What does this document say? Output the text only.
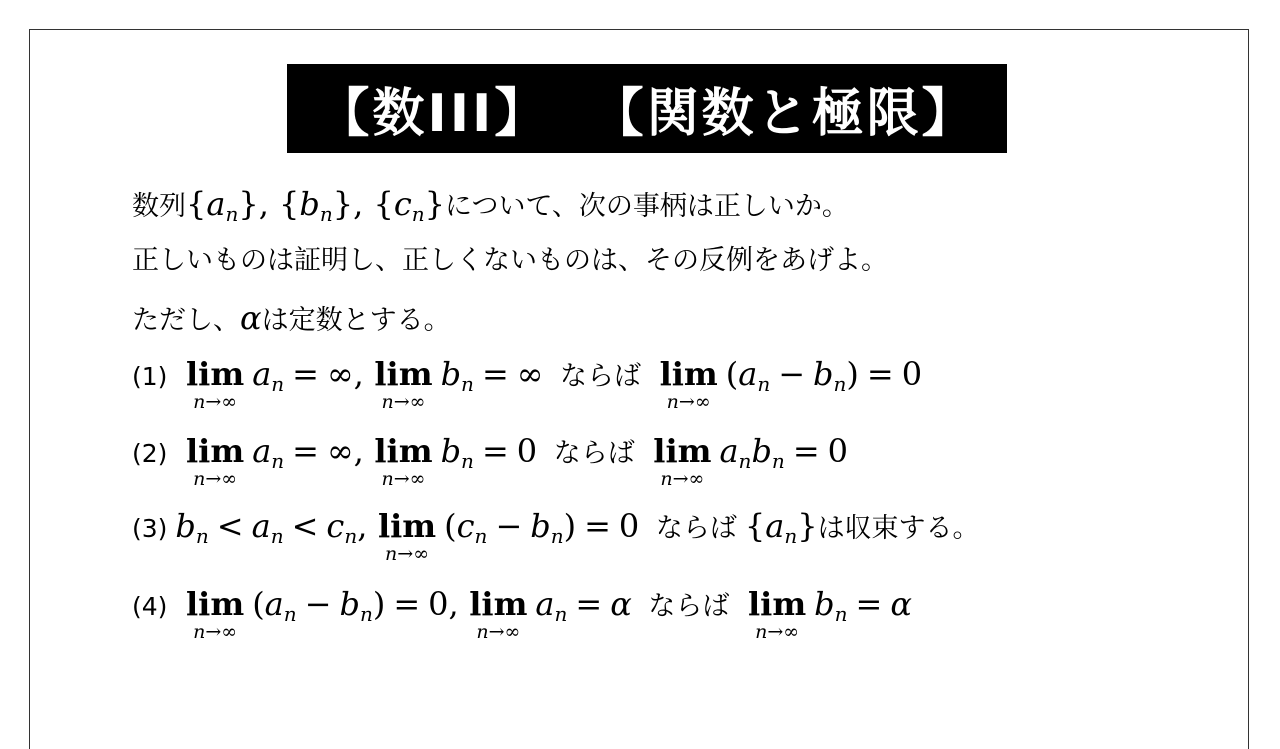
【数III】
【関数と極限】
数列$\{a_n\}$, $\{b_n\}$, $\{c_n\}$について、次の事柄は正しいか。
正しいものは証明し、正しくないものは、その反例をあげよ。
ただし、αは定数とする。
(1) lim
n→∞
$a_n$ = ∞, lim
n→∞
$b_n$ = ∞ ならば lim
n→∞
$(a_n - b_n) = 0$
(2) lim
n→∞
$a_n$ = ∞, lim
n→∞
$b_n = 0$ ならば lim
n→∞
$a_nb_n = 0$
(3) $b_n < a_n < c_n$, lim
n→∞
$(c_n - b_n) = 0$ ならば $\{a_n\}$は収束する。
(4) lim
n→∞
$(a_n - b_n) = 0$, lim
n→∞
$a_n = \alpha$ ならば lim
n→∞
$b_n = \alpha$
